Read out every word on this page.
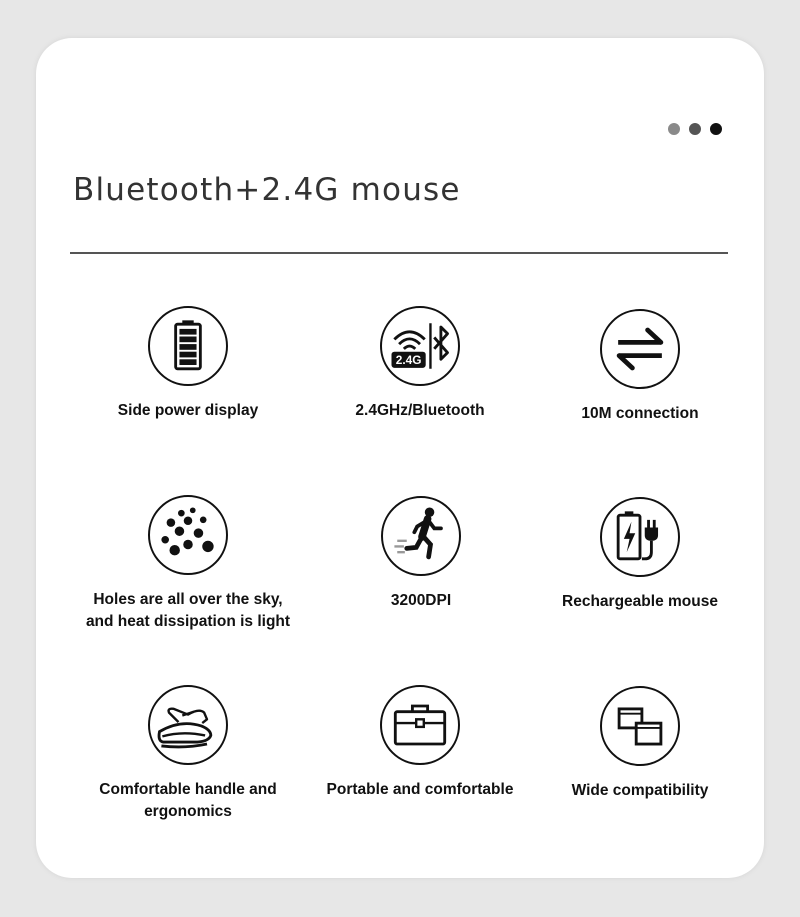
Bluetooth+2.4G mouse
Side power display
2.4G
2.4GHz/Bluetooth	10M connection
Holes are all over the sky,
and heat dissipation is light
3200DPI	Rechargeable mouse
Comfortable handle and
ergonomics
Portable and comfortable	Wide compatibility
